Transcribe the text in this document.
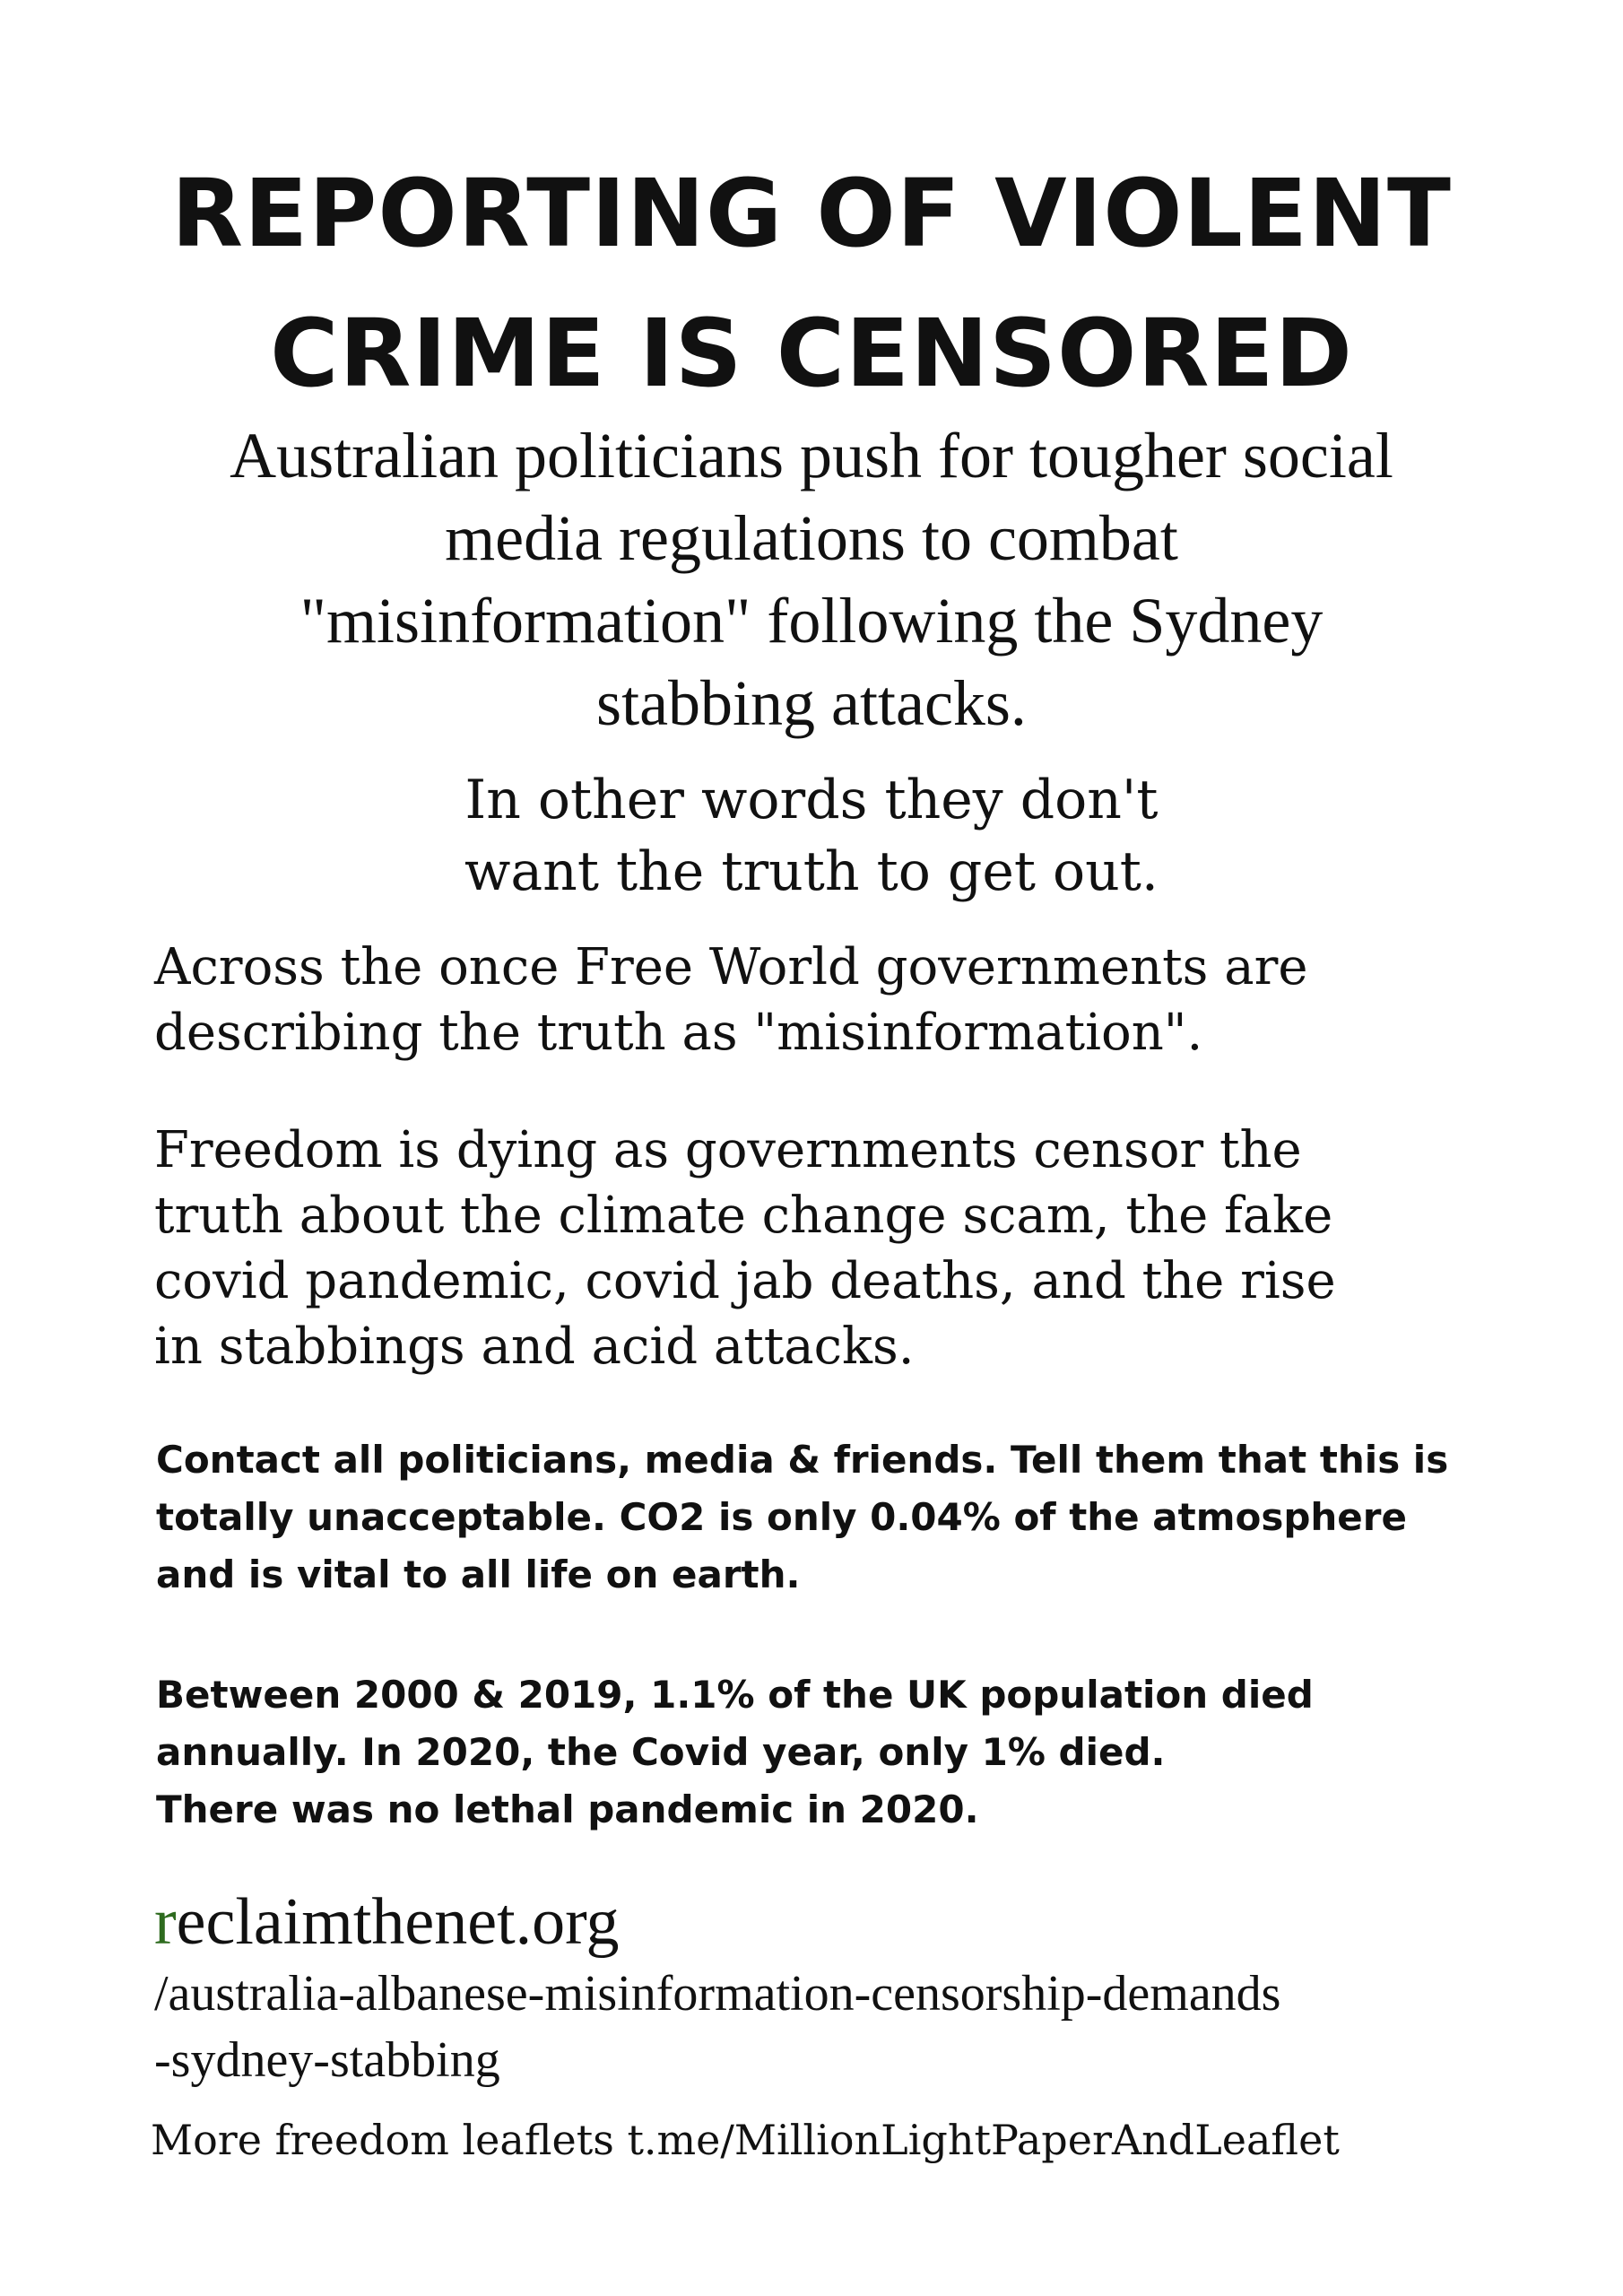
REPORTING OF VIOLENT
CRIME IS CENSORED

Australian politicians push for tougher social
media regulations to combat
"misinformation" following the Sydney
stabbing attacks.

In other words they don't
want the truth to get out.

Across the once Free World governments are
describing the truth as "misinformation".

Freedom is dying as governments censor the
truth about the climate change scam, the fake
covid pandemic, covid jab deaths, and the rise
in stabbings and acid attacks.

Contact all politicians, media & friends. Tell them that this is
totally unacceptable. CO2 is only 0.04% of the atmosphere
and is vital to all life on earth.

Between 2000 & 2019, 1.1% of the UK population died
annually. In 2020, the Covid year, only 1% died.
There was no lethal pandemic in 2020.

reclaimthenet.org

/australia-albanese-misinformation-censorship-demands
-sydney-stabbing

More freedom leaflets t.me/MillionLightPaperAndLeaflet
